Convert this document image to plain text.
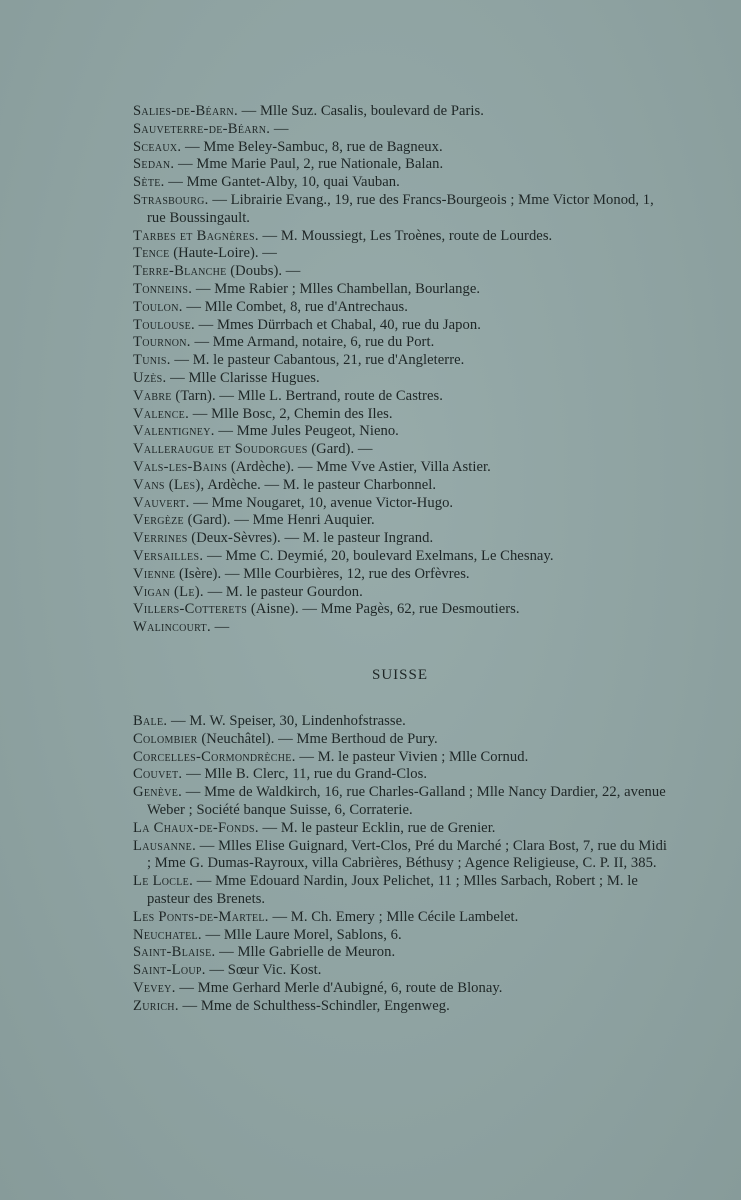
Salies-de-Béarn. — Mlle Suz. Casalis, boulevard de Paris.
Sauveterre-de-Béarn. —
Sceaux. — Mme Beley-Sambuc, 8, rue de Bagneux.
Sedan. — Mme Marie Paul, 2, rue Nationale, Balan.
Sète. — Mme Gantet-Alby, 10, quai Vauban.
Strasbourg. — Librairie Evang., 19, rue des Francs-Bourgeois ; Mme Victor Monod, 1, rue Boussingault.
Tarbes et Bagnères. — M. Moussiegt, Les Troènes, route de Lourdes.
Tence (Haute-Loire). —
Terre-Blanche (Doubs). —
Tonneins. — Mme Rabier ; Mlles Chambellan, Bourlange.
Toulon. — Mlle Combet, 8, rue d'Antrechaus.
Toulouse. — Mmes Dürrbach et Chabal, 40, rue du Japon.
Tournon. — Mme Armand, notaire, 6, rue du Port.
Tunis. — M. le pasteur Cabantous, 21, rue d'Angleterre.
Uzès. — Mlle Clarisse Hugues.
Vabre (Tarn). — Mlle L. Bertrand, route de Castres.
Valence. — Mlle Bosc, 2, Chemin des Iles.
Valentigney. — Mme Jules Peugeot, Nieno.
Valleraugue et Soudorgues (Gard). —
Vals-les-Bains (Ardèche). — Mme Vve Astier, Villa Astier.
Vans (Les), Ardèche. — M. le pasteur Charbonnel.
Vauvert. — Mme Nougaret, 10, avenue Victor-Hugo.
Vergèze (Gard). — Mme Henri Auquier.
Verrines (Deux-Sèvres). — M. le pasteur Ingrand.
Versailles. — Mme C. Deymié, 20, boulevard Exelmans, Le Chesnay.
Vienne (Isère). — Mlle Courbières, 12, rue des Orfèvres.
Vigan (Le). — M. le pasteur Gourdon.
Villers-Cotterets (Aisne). — Mme Pagès, 62, rue Desmoutiers.
Walincourt. —
SUISSE
Bale. — M. W. Speiser, 30, Lindenhofstrasse.
Colombier (Neuchâtel). — Mme Berthoud de Pury.
Corcelles-Cormondrèche. — M. le pasteur Vivien ; Mlle Cornud.
Couvet. — Mlle B. Clerc, 11, rue du Grand-Clos.
Genève. — Mme de Waldkirch, 16, rue Charles-Galland ; Mlle Nancy Dardier, 22, avenue Weber ; Société banque Suisse, 6, Corraterie.
La Chaux-de-Fonds. — M. le pasteur Ecklin, rue de Grenier.
Lausanne. — Mlles Elise Guignard, Vert-Clos, Pré du Marché ; Clara Bost, 7, rue du Midi ; Mme G. Dumas-Rayroux, villa Cabrières, Béthusy ; Agence Religieuse, C. P. II, 385.
Le Locle. — Mme Edouard Nardin, Joux Pelichet, 11 ; Mlles Sarbach, Robert ; M. le pasteur des Brenets.
Les Ponts-de-Martel. — M. Ch. Emery ; Mlle Cécile Lambelet.
Neuchatel. — Mlle Laure Morel, Sablons, 6.
Saint-Blaise. — Mlle Gabrielle de Meuron.
Saint-Loup. — Sœur Vic. Kost.
Vevey. — Mme Gerhard Merle d'Aubigné, 6, route de Blonay.
Zurich. — Mme de Schulthess-Schindler, Engenweg.
